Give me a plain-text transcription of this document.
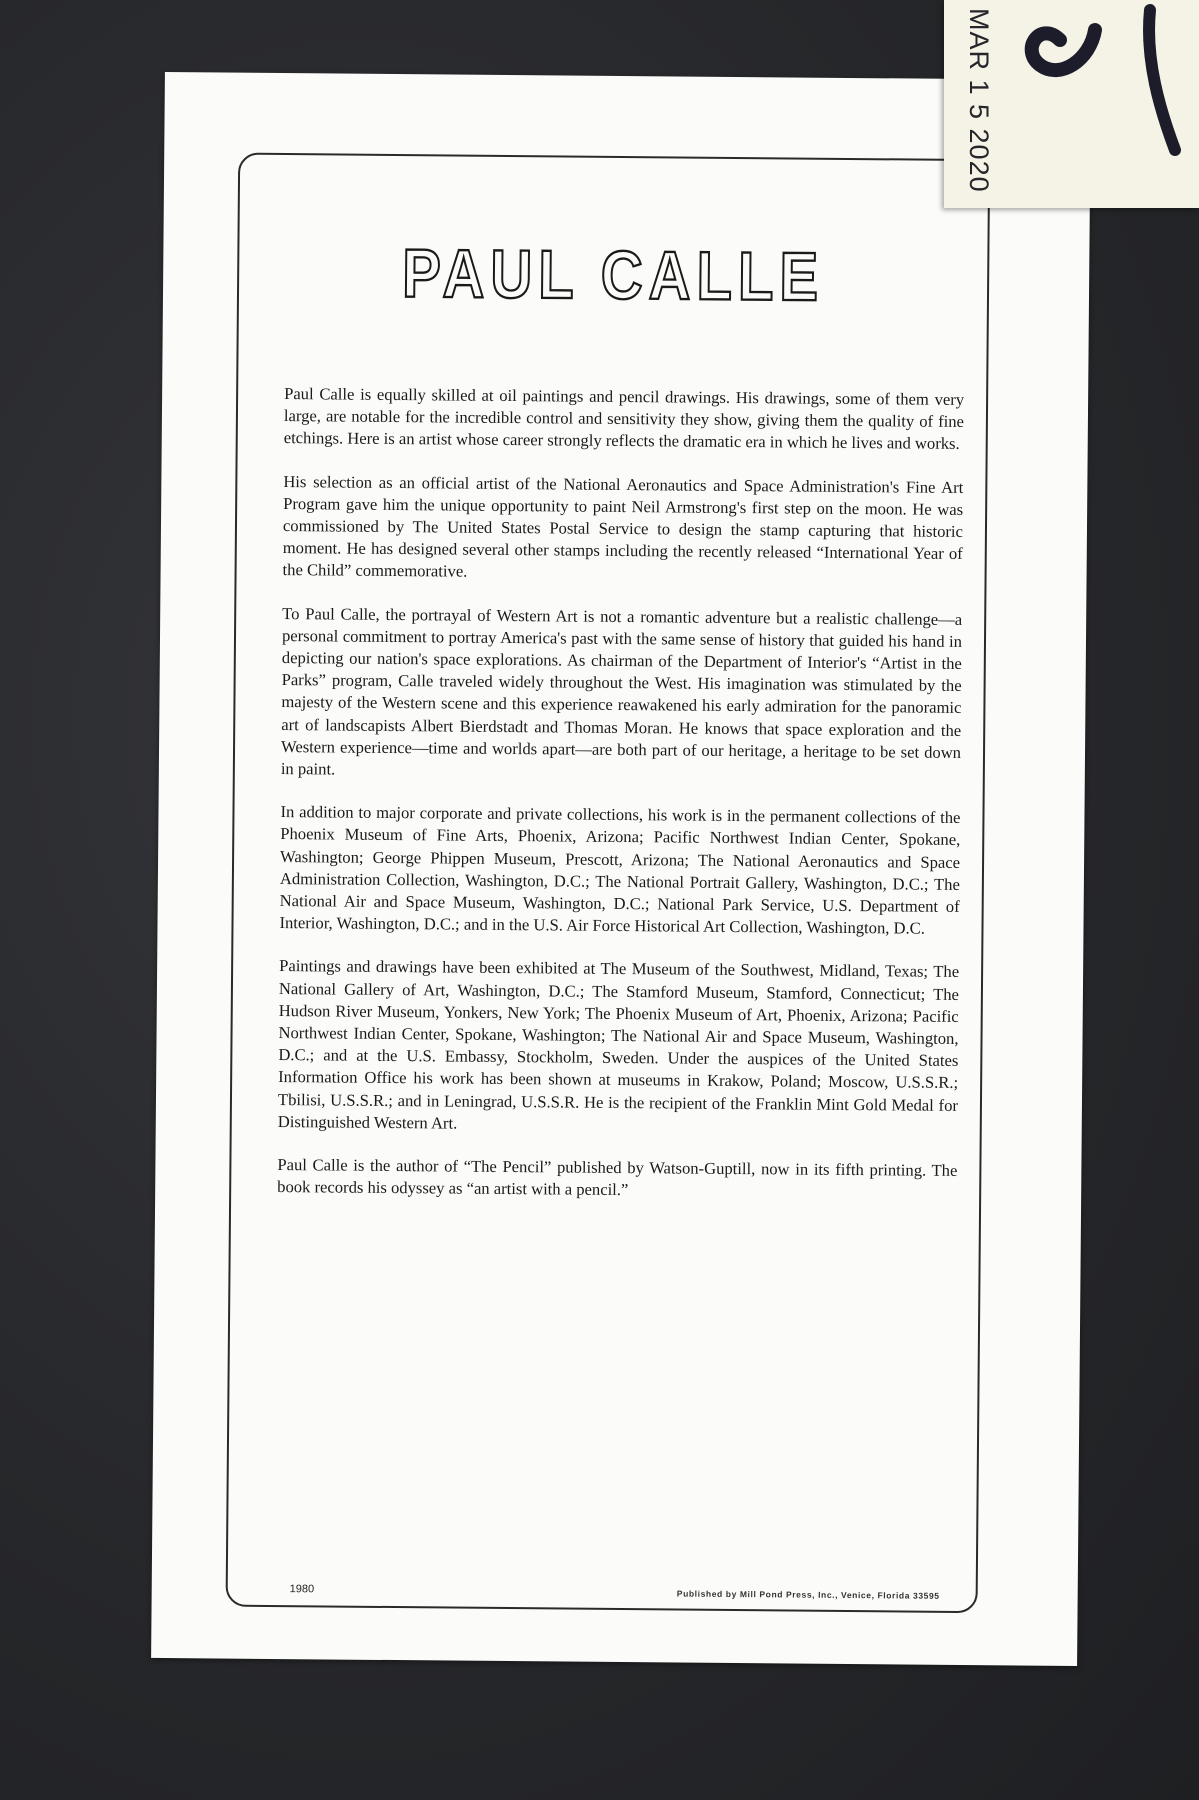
PAUL CALLE

Paul Calle is equally skilled at oil paintings and pencil drawings. His drawings, some of them very large, are notable for the incredible control and sensitivity they show, giving them the quality of fine etchings. Here is an artist whose career strongly reflects the dramatic era in which he lives and works.

His selection as an official artist of the National Aeronautics and Space Administration's Fine Art Program gave him the unique opportunity to paint Neil Armstrong's first step on the moon. He was commissioned by The United States Postal Service to design the stamp capturing that historic moment. He has designed several other stamps including the recently released “International Year of the Child” commemorative.

To Paul Calle, the portrayal of Western Art is not a romantic adventure but a realistic challenge—a personal commitment to portray America's past with the same sense of history that guided his hand in depicting our nation's space explorations. As chairman of the Department of Interior's “Artist in the Parks” program, Calle traveled widely throughout the West. His imagination was stimulated by the majesty of the Western scene and this experience reawakened his early admiration for the panoramic art of landscapists Albert Bierdstadt and Thomas Moran. He knows that space exploration and the Western experience—time and worlds apart—are both part of our heritage, a heritage to be set down in paint.

In addition to major corporate and private collections, his work is in the permanent collections of the Phoenix Museum of Fine Arts, Phoenix, Arizona; Pacific Northwest Indian Center, Spokane, Washington; George Phippen Museum, Prescott, Arizona; The National Aeronautics and Space Administration Collection, Washington, D.C.; The National Portrait Gallery, Washington, D.C.; The National Air and Space Museum, Washington, D.C.; National Park Service, U.S. Department of Interior, Washington, D.C.; and in the U.S. Air Force Historical Art Collection, Washington, D.C.

Paintings and drawings have been exhibited at The Museum of the Southwest, Midland, Texas; The National Gallery of Art, Washington, D.C.; The Stamford Museum, Stamford, Connecticut; The Hudson River Museum, Yonkers, New York; The Phoenix Museum of Art, Phoenix, Arizona; Pacific Northwest Indian Center, Spokane, Washington; The National Air and Space Museum, Washington, D.C.; and at the U.S. Embassy, Stockholm, Sweden. Under the auspices of the United States Information Office his work has been shown at museums in Krakow, Poland; Moscow, U.S.S.R.; Tbilisi, U.S.S.R.; and in Leningrad, U.S.S.R. He is the recipient of the Franklin Mint Gold Medal for Distinguished Western Art.

Paul Calle is the author of “The Pencil” published by Watson-Guptill, now in its fifth printing. The book records his odyssey as “an artist with a pencil.”

1980	Published by Mill Pond Press, Inc., Venice, Florida 33595
MAR 1 5 2020
